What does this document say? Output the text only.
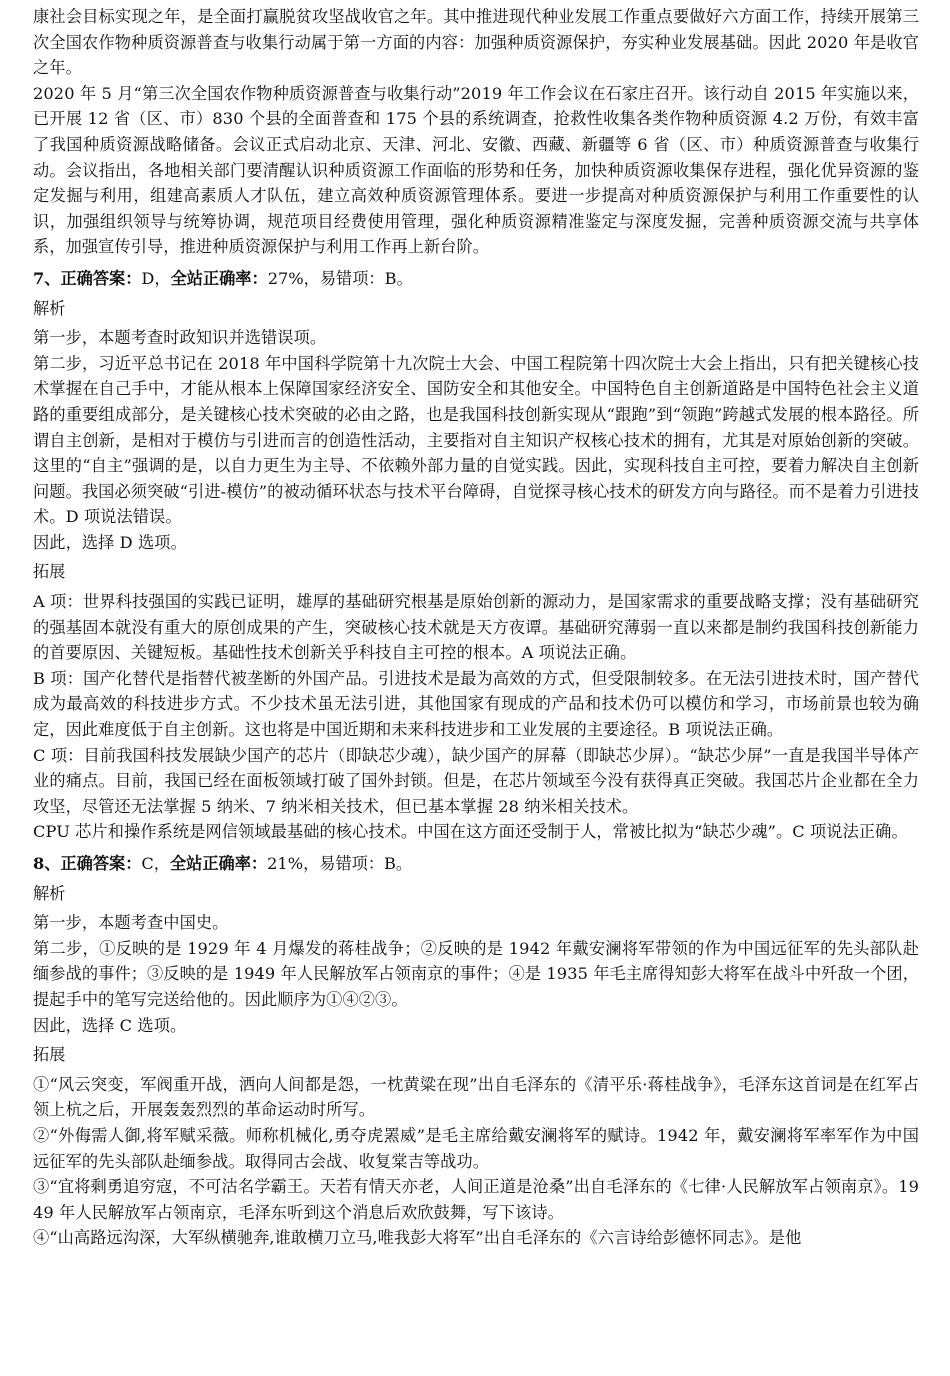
康社会目标实现之年，是全面打赢脱贫攻坚战收官之年。其中推进现代种业发展工作重点要做好六方面工作，持续开展第三次全国农作物种质资源普查与收集行动属于第一方面的内容：加强种质资源保护，夯实种业发展基础。因此 2020 年是收官之年。

2020 年 5 月“第三次全国农作物种质资源普查与收集行动”2019 年工作会议在石家庄召开。该行动自 2015 年实施以来，已开展 12 省（区、市）830 个县的全面普查和 175 个县的系统调查，抢救性收集各类作物种质资源 4.2 万份，有效丰富了我国种质资源战略储备。会议正式启动北京、天津、河北、安徽、西藏、新疆等 6 省（区、市）种质资源普查与收集行动。会议指出，各地相关部门要清醒认识种质资源工作面临的形势和任务，加快种质资源收集保存进程，强化优异资源的鉴定发掘与利用，组建高素质人才队伍，建立高效种质资源管理体系。要进一步提高对种质资源保护与利用工作重要性的认识，加强组织领导与统筹协调，规范项目经费使用管理，强化种质资源精准鉴定与深度发掘，完善种质资源交流与共享体系，加强宣传引导，推进种质资源保护与利用工作再上新台阶。

7、正确答案：D，全站正确率：27%，易错项：B。

解析

第一步，本题考查时政知识并选错误项。

第二步，习近平总书记在 2018 年中国科学院第十九次院士大会、中国工程院第十四次院士大会上指出，只有把关键核心技术掌握在自己手中，才能从根本上保障国家经济安全、国防安全和其他安全。中国特色自主创新道路是中国特色社会主义道路的重要组成部分，是关键核心技术突破的必由之路，也是我国科技创新实现从“跟跑”到“领跑”跨越式发展的根本路径。所谓自主创新，是相对于模仿与引进而言的创造性活动，主要指对自主知识产权核心技术的拥有，尤其是对原始创新的突破。这里的“自主”强调的是，以自力更生为主导、不依赖外部力量的自觉实践。因此，实现科技自主可控，要着力解决自主创新问题。我国必须突破“引进-模仿”的被动循环状态与技术平台障碍，自觉探寻核心技术的研发方向与路径。而不是着力引进技术。D 项说法错误。

因此，选择 D 选项。

拓展

A 项：世界科技强国的实践已证明，雄厚的基础研究根基是原始创新的源动力，是国家需求的重要战略支撑；没有基础研究的强基固本就没有重大的原创成果的产生，突破核心技术就是天方夜谭。基础研究薄弱一直以来都是制约我国科技创新能力的首要原因、关键短板。基础性技术创新关乎科技自主可控的根本。A 项说法正确。

B 项：国产化替代是指替代被垄断的外国产品。引进技术是最为高效的方式，但受限制较多。在无法引进技术时，国产替代成为最高效的科技进步方式。不少技术虽无法引进，其他国家有现成的产品和技术仍可以模仿和学习，市场前景也较为确定，因此难度低于自主创新。这也将是中国近期和未来科技进步和工业发展的主要途径。B 项说法正确。

C 项：目前我国科技发展缺少国产的芯片（即缺芯少魂），缺少国产的屏幕（即缺芯少屏）。“缺芯少屏”一直是我国半导体产业的痛点。目前，我国已经在面板领域打破了国外封锁。但是，在芯片领域至今没有获得真正突破。我国芯片企业都在全力攻坚，尽管还无法掌握 5 纳米、7 纳米相关技术，但已基本掌握 28 纳米相关技术。

CPU 芯片和操作系统是网信领域最基础的核心技术。中国在这方面还受制于人，常被比拟为“缺芯少魂”。C 项说法正确。

8、正确答案：C，全站正确率：21%，易错项：B。

解析

第一步，本题考查中国史。

第二步，①反映的是 1929 年 4 月爆发的蒋桂战争；②反映的是 1942 年戴安澜将军带领的作为中国远征军的先头部队赴缅参战的事件；③反映的是 1949 年人民解放军占领南京的事件；④是 1935 年毛主席得知彭大将军在战斗中歼敌一个团，提起手中的笔写完送给他的。因此顺序为①④②③。

因此，选择 C 选项。

拓展

①“风云突变，军阀重开战，洒向人间都是怨，一枕黄粱在现”出自毛泽东的《清平乐·蒋桂战争》，毛泽东这首词是在红军占领上杭之后，开展轰轰烈烈的革命运动时所写。

②“外侮需人御,将军赋采薇。师称机械化,勇夺虎罴威”是毛主席给戴安澜将军的赋诗。1942 年，戴安澜将军率军作为中国远征军的先头部队赴缅参战。取得同古会战、收复棠吉等战功。

③“宜将剩勇追穷寇，不可沽名学霸王。天若有情天亦老，人间正道是沧桑”出自毛泽东的《七律·人民解放军占领南京》。1949 年人民解放军占领南京，毛泽东听到这个消息后欢欣鼓舞，写下该诗。

④“山高路远沟深，大军纵横驰奔,谁敢横刀立马,唯我彭大将军”出自毛泽东的《六言诗给彭德怀同志》。是他
